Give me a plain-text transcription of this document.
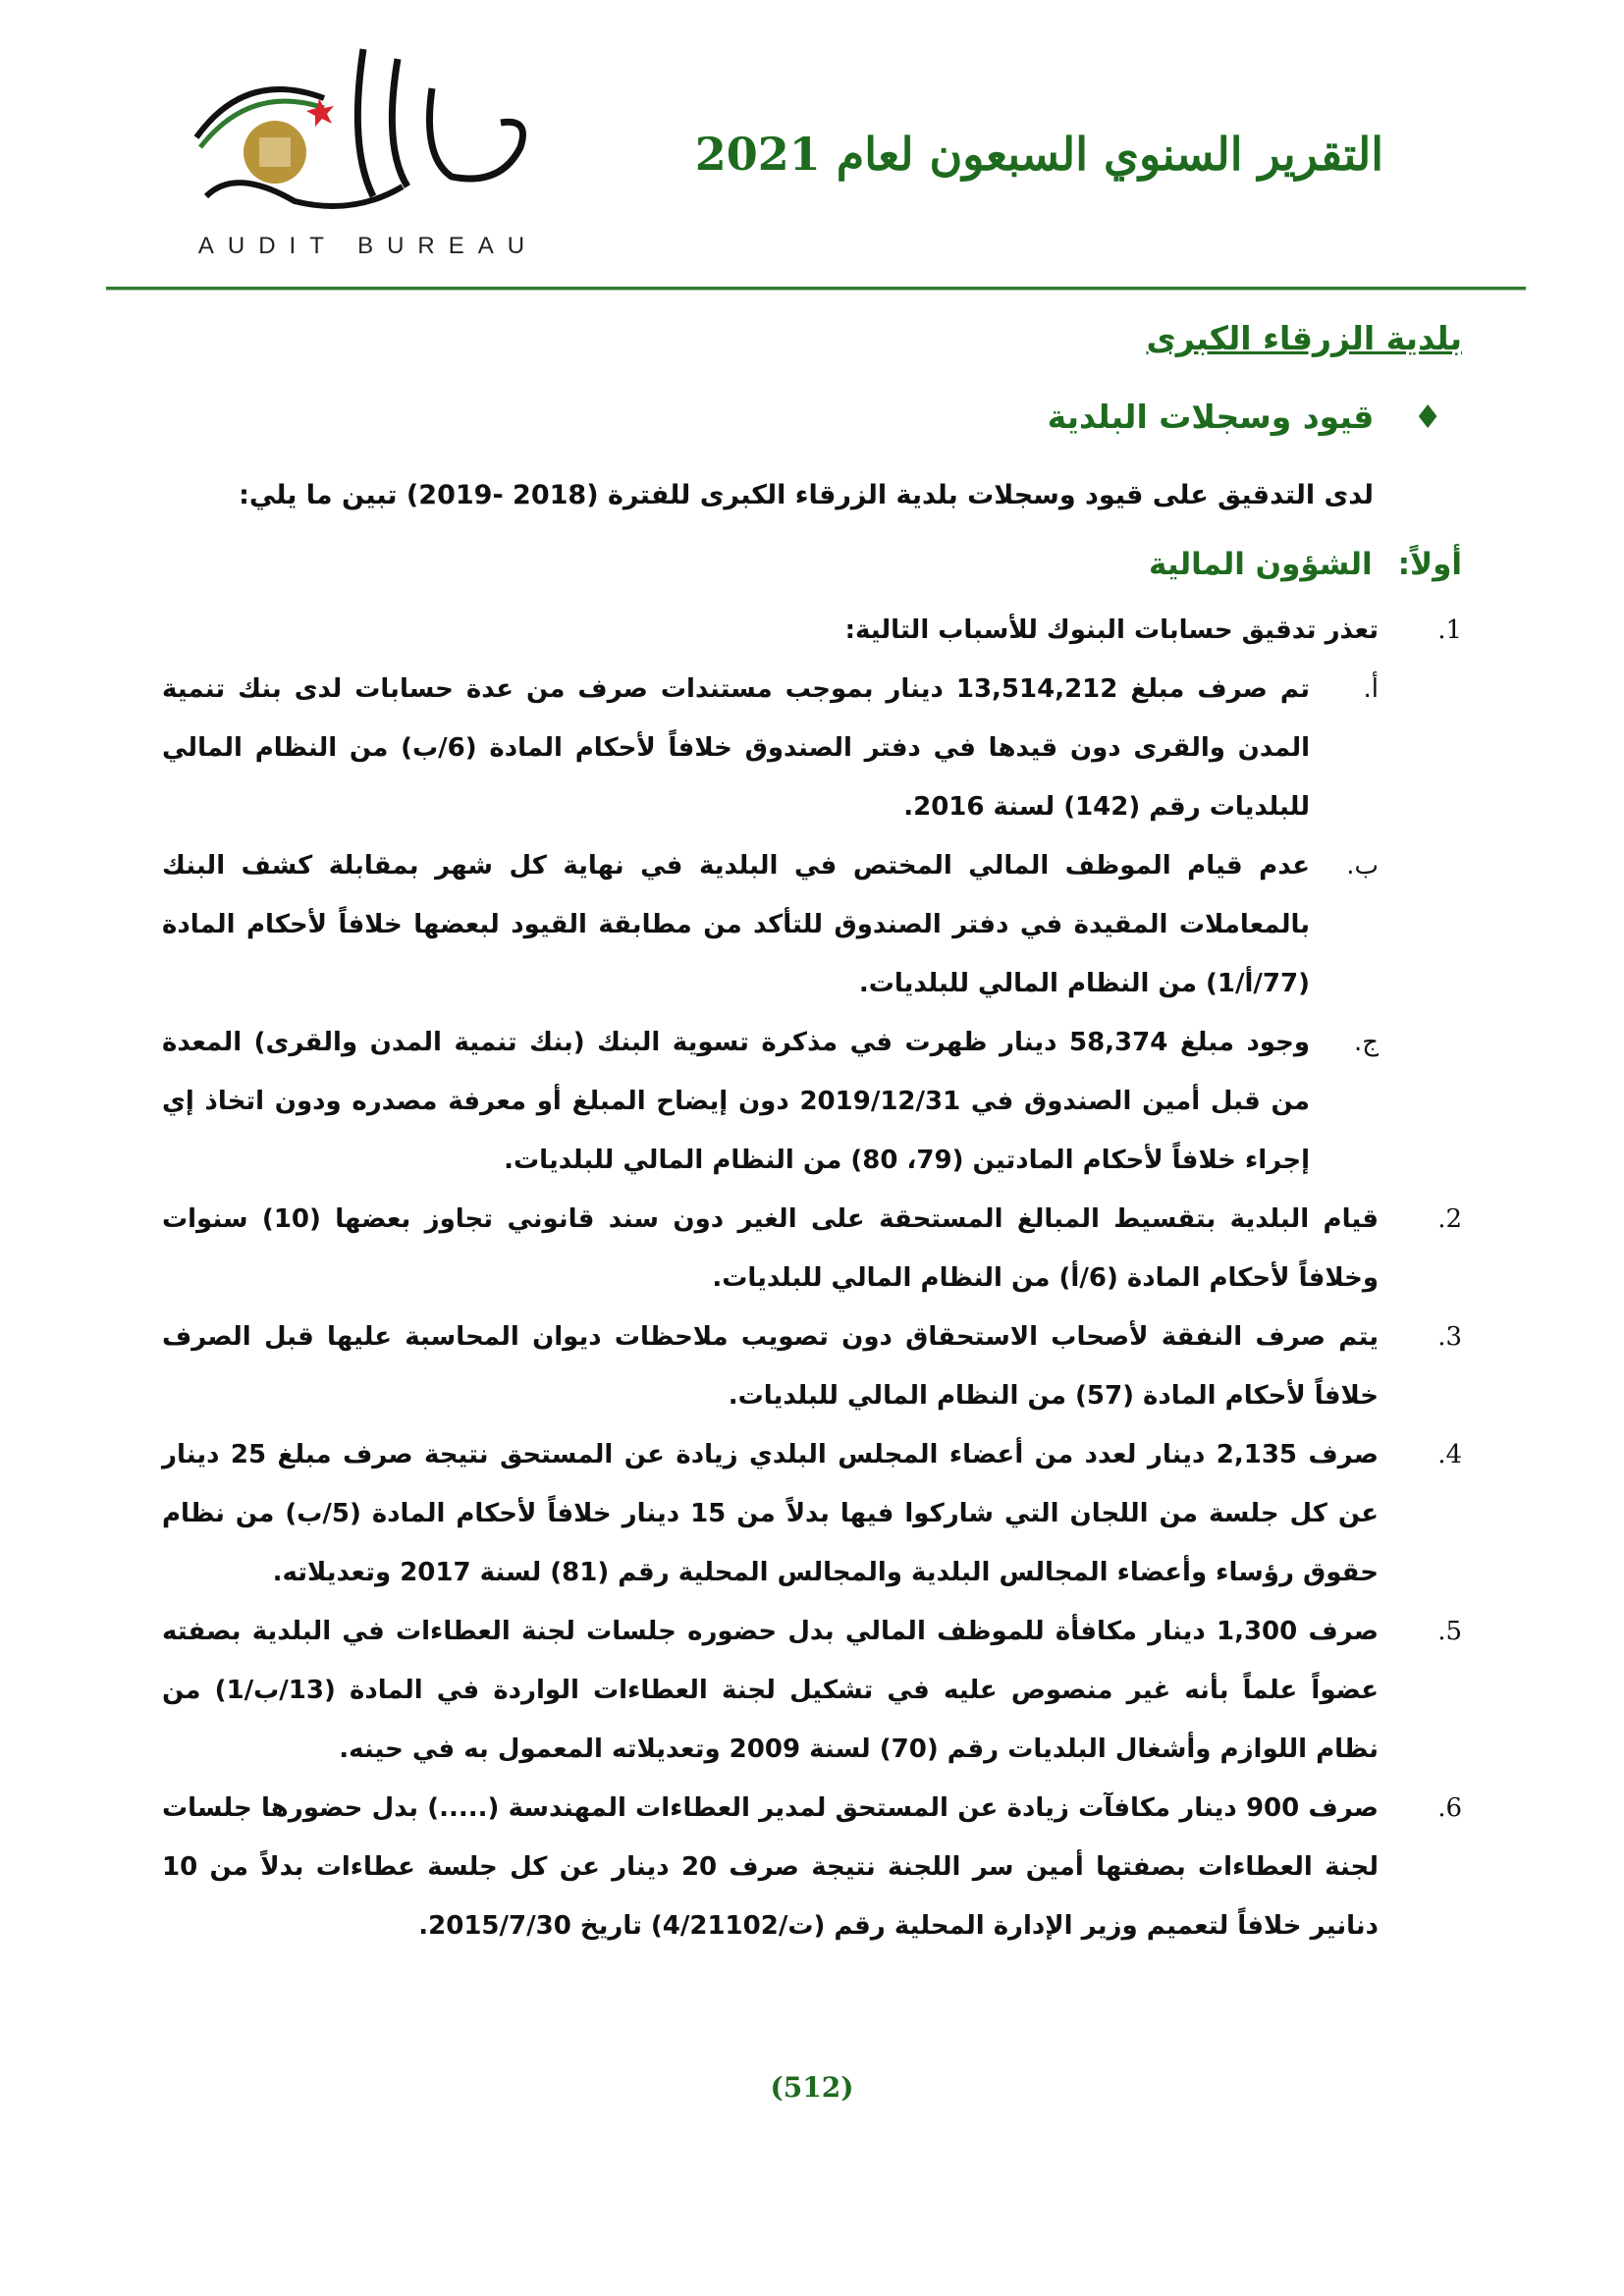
AUDIT BUREAU
التقرير السنوي السبعون لعام 2021
بلدية الزرقاء الكبرى
♦
قيود وسجلات البلدية
لدى التدقيق على قيود وسجلات بلدية الزرقاء الكبرى للفترة (2018 -2019) تبين ما يلي:
أولاً:
الشؤون المالية
1.
تعذر تدقيق حسابات البنوك للأسباب التالية:
أ.
تم صرف مبلغ 13,514,212 دينار بموجب مستندات صرف من عدة حسابات لدى بنك تنمية المدن والقرى دون قيدها في دفتر الصندوق خلافاً لأحكام المادة (6/ب) من النظام المالي للبلديات رقم (142) لسنة 2016.
ب.
عدم قيام الموظف المالي المختص في البلدية في نهاية كل شهر بمقابلة كشف البنك بالمعاملات المقيدة في دفتر الصندوق للتأكد من مطابقة القيود لبعضها خلافاً لأحكام المادة (77/أ/1) من النظام المالي للبلديات.
ج.
وجود مبلغ 58,374 دينار ظهرت في مذكرة تسوية البنك (بنك تنمية المدن والقرى) المعدة من قبل أمين الصندوق في 2019/12/31 دون إيضاح المبلغ أو معرفة مصدره ودون اتخاذ إي إجراء خلافاً لأحكام المادتين (79، 80) من النظام المالي للبلديات.
2.
قيام البلدية بتقسيط المبالغ المستحقة على الغير دون سند قانوني تجاوز بعضها (10) سنوات وخلافاً لأحكام المادة (6/أ) من النظام المالي للبلديات.
3.
يتم صرف النفقة لأصحاب الاستحقاق دون تصويب ملاحظات ديوان المحاسبة عليها قبل الصرف خلافاً لأحكام المادة (57) من النظام المالي للبلديات.
4.
صرف 2,135 دينار لعدد من أعضاء المجلس البلدي زيادة عن المستحق نتيجة صرف مبلغ 25 دينار عن كل جلسة من اللجان التي شاركوا فيها بدلاً من 15 دينار خلافاً لأحكام المادة (5/ب) من نظام حقوق رؤساء وأعضاء المجالس البلدية والمجالس المحلية رقم (81) لسنة 2017 وتعديلاته.
5.
صرف 1,300 دينار مكافأة للموظف المالي بدل حضوره جلسات لجنة العطاءات في البلدية بصفته عضواً علماً بأنه غير منصوص عليه في تشكيل لجنة العطاءات الواردة في المادة (13/ب/1) من نظام اللوازم وأشغال البلديات رقم (70) لسنة 2009 وتعديلاته المعمول به في حينه.
6.
صرف 900 دينار مكافآت زيادة عن المستحق لمدير العطاءات المهندسة (.....) بدل حضورها جلسات لجنة العطاءات بصفتها أمين سر اللجنة نتيجة صرف 20 دينار عن كل جلسة عطاءات بدلاً من 10 دنانير خلافاً لتعميم وزير الإدارة المحلية رقم (ت/4/21102) تاريخ 2015/7/30.
(512)
